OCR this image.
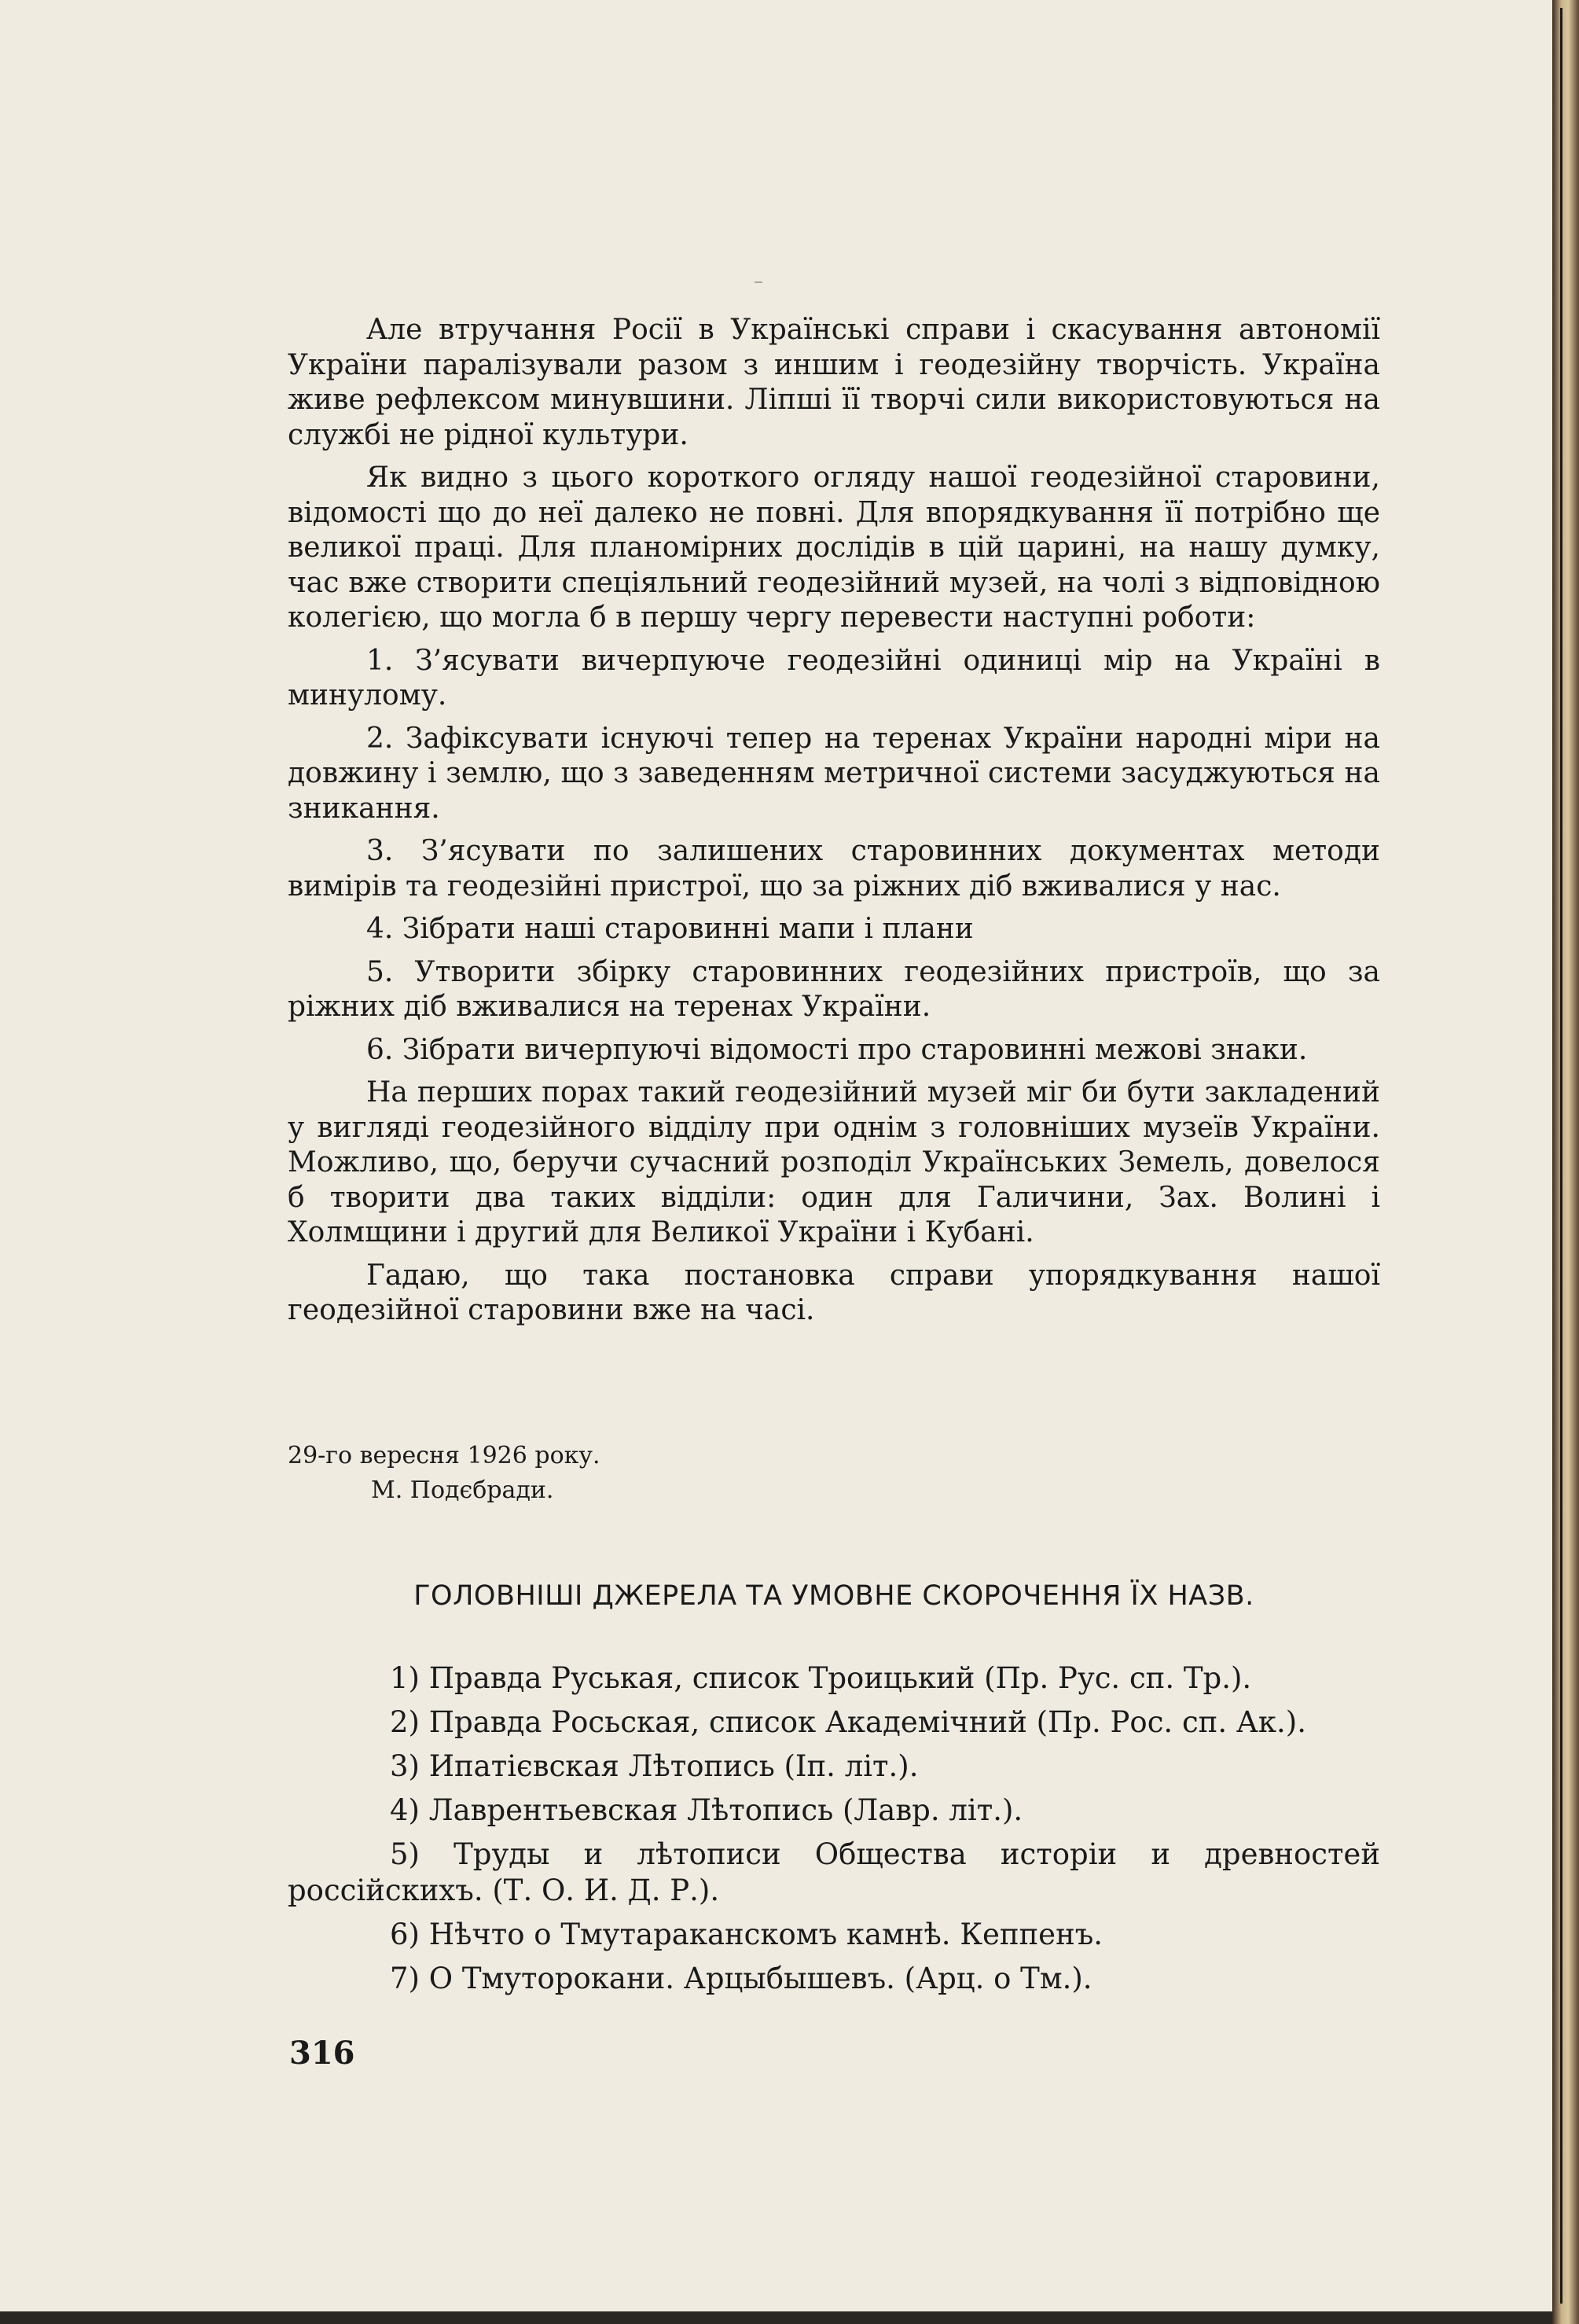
Але втручання Росії в Українські справи і скасування автономії України паралізували разом з иншим і геодезійну творчість. Україна живе рефлексом минувшини. Ліпші її творчі сили використовуються на службі не рідної культури.

Як видно з цього короткого огляду нашої геодезійної старовини, відомості що до неї далеко не повні. Для впорядкування її потрібно ще великої праці. Для планомірних дослідів в цій царині, на нашу думку, час вже створити спеціяльний геодезійний музей, на чолі з відповідною колегією, що могла б в першу чергу перевести наступні роботи:

1. З’ясувати вичерпуюче геодезійні одиниці мір на Україні в минулому.

2. Зафіксувати існуючі тепер на теренах України народні міри на довжину і землю, що з заведенням метричної системи засуджуються на зникання.

3. З’ясувати по залишених старовинних документах методи вимірів та геодезійні пристрої, що за ріжних діб вживалися у нас.

4. Зібрати наші старовинні мапи і плани

5. Утворити збірку старовинних геодезійних пристроїв, що за ріжних діб вживалися на теренах України.

6. Зібрати вичерпуючі відомості про старовинні межові знаки.

На перших порах такий геодезійний музей міг би бути закладений у вигляді геодезійного відділу при однім з головніших музеїв України. Можливо, що, беручи сучасний розподіл Українських Земель, довелося б творити два таких відділи: один для Галичини, Зах. Волині і Холмщини і другий для Великої України і Кубані.

Гадаю, що така постановка справи упорядкування нашої геодезійної старовини вже на часі.

29-го вересня 1926 року.
М. Подєбради.
ГОЛОВНІШІ ДЖЕРЕЛА ТА УМОВНЕ СКОРОЧЕННЯ ЇХ НАЗВ.

1) Правда Руськая, список Троицький (Пр. Рус. сп. Тр.).

2) Правда Росьская, список Академічний (Пр. Рос. сп. Ак.).

3) Ипатієвская Лѣтопись (Іп. літ.).

4) Лаврентьевская Лѣтопись (Лавр. літ.).

5) Труды и лѣтописи Общества исторіи и древностей россійскихъ. (Т. О. И. Д. Р.).

6) Нѣчто о Тмутараканскомъ камнѣ. Кеппенъ.

7) О Тмуторокани. Арцыбышевъ. (Арц. о Тм.).

316
